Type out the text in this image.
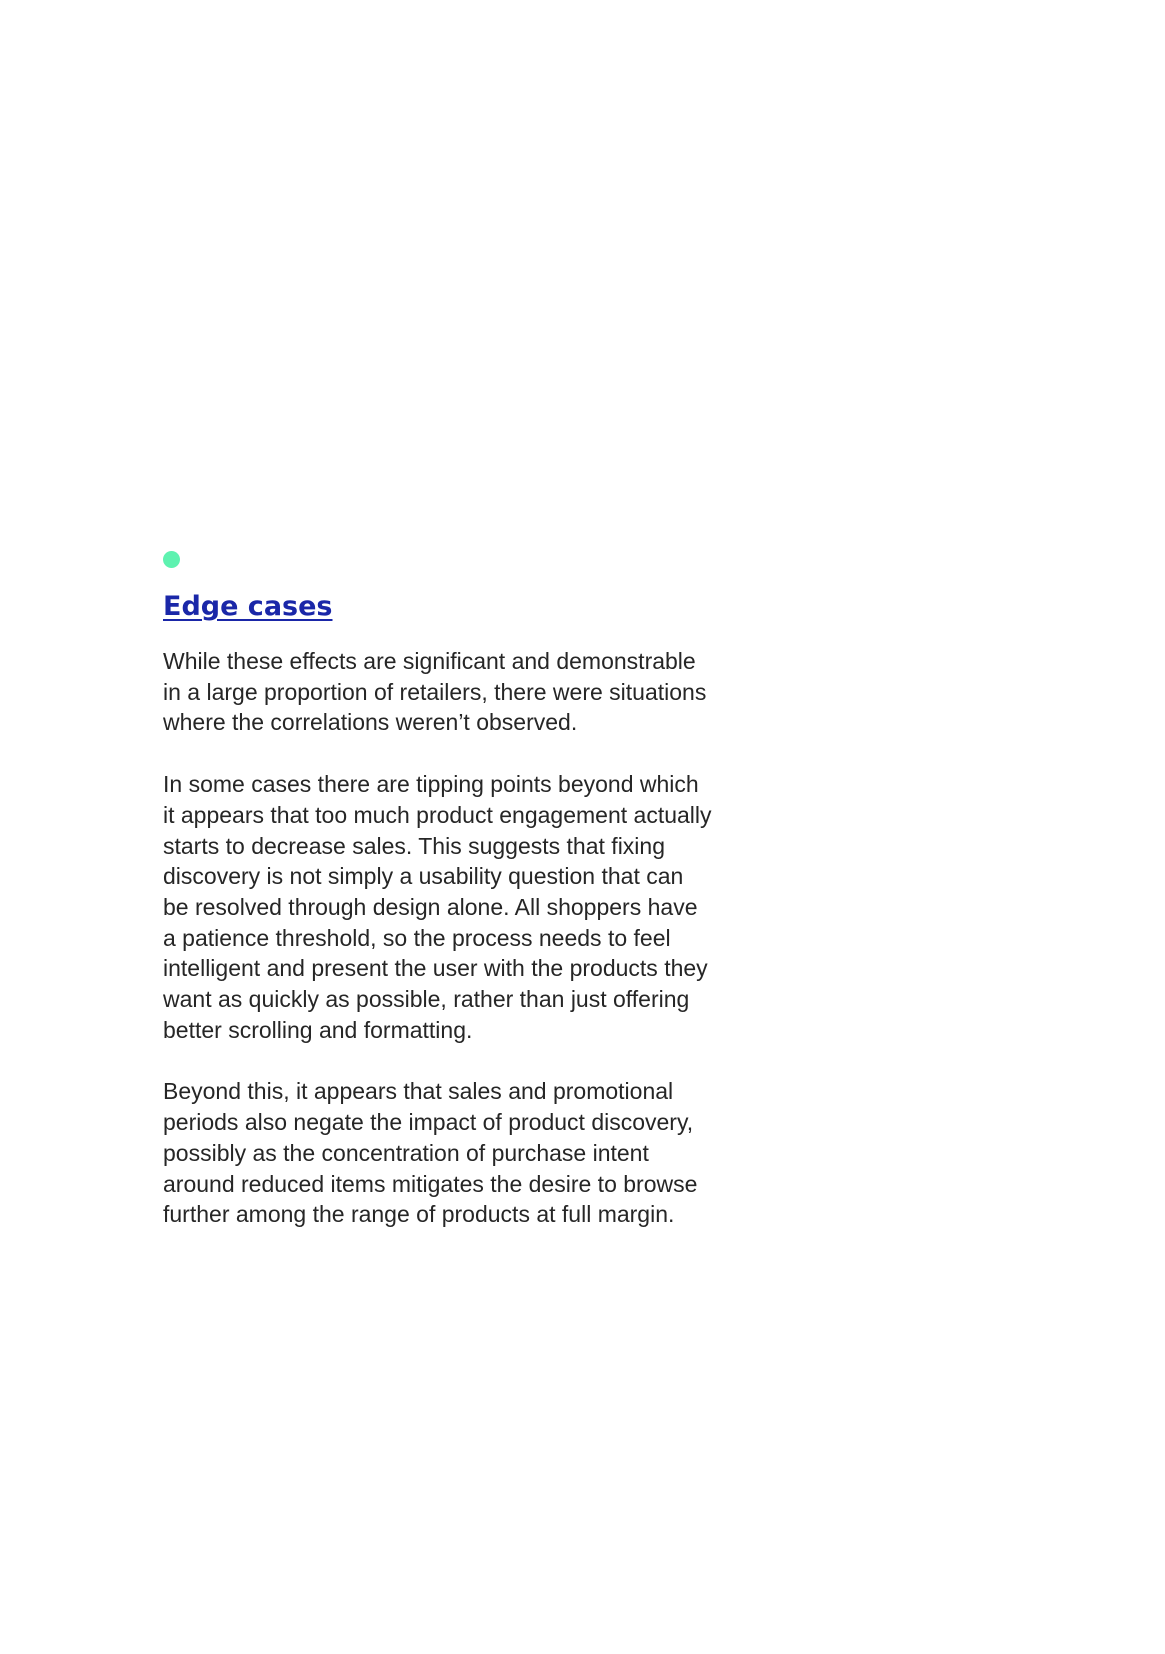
Edge cases

While these effects are significant and demonstrable
in a large proportion of retailers, there were situations
where the correlations weren’t observed.

In some cases there are tipping points beyond which
it appears that too much product engagement actually
starts to decrease sales. This suggests that fixing
discovery is not simply a usability question that can
be resolved through design alone. All shoppers have
a patience threshold, so the process needs to feel
intelligent and present the user with the products they
want as quickly as possible, rather than just offering
better scrolling and formatting.

Beyond this, it appears that sales and promotional
periods also negate the impact of product discovery,
possibly as the concentration of purchase intent
around reduced items mitigates the desire to browse
further among the range of products at full margin.
